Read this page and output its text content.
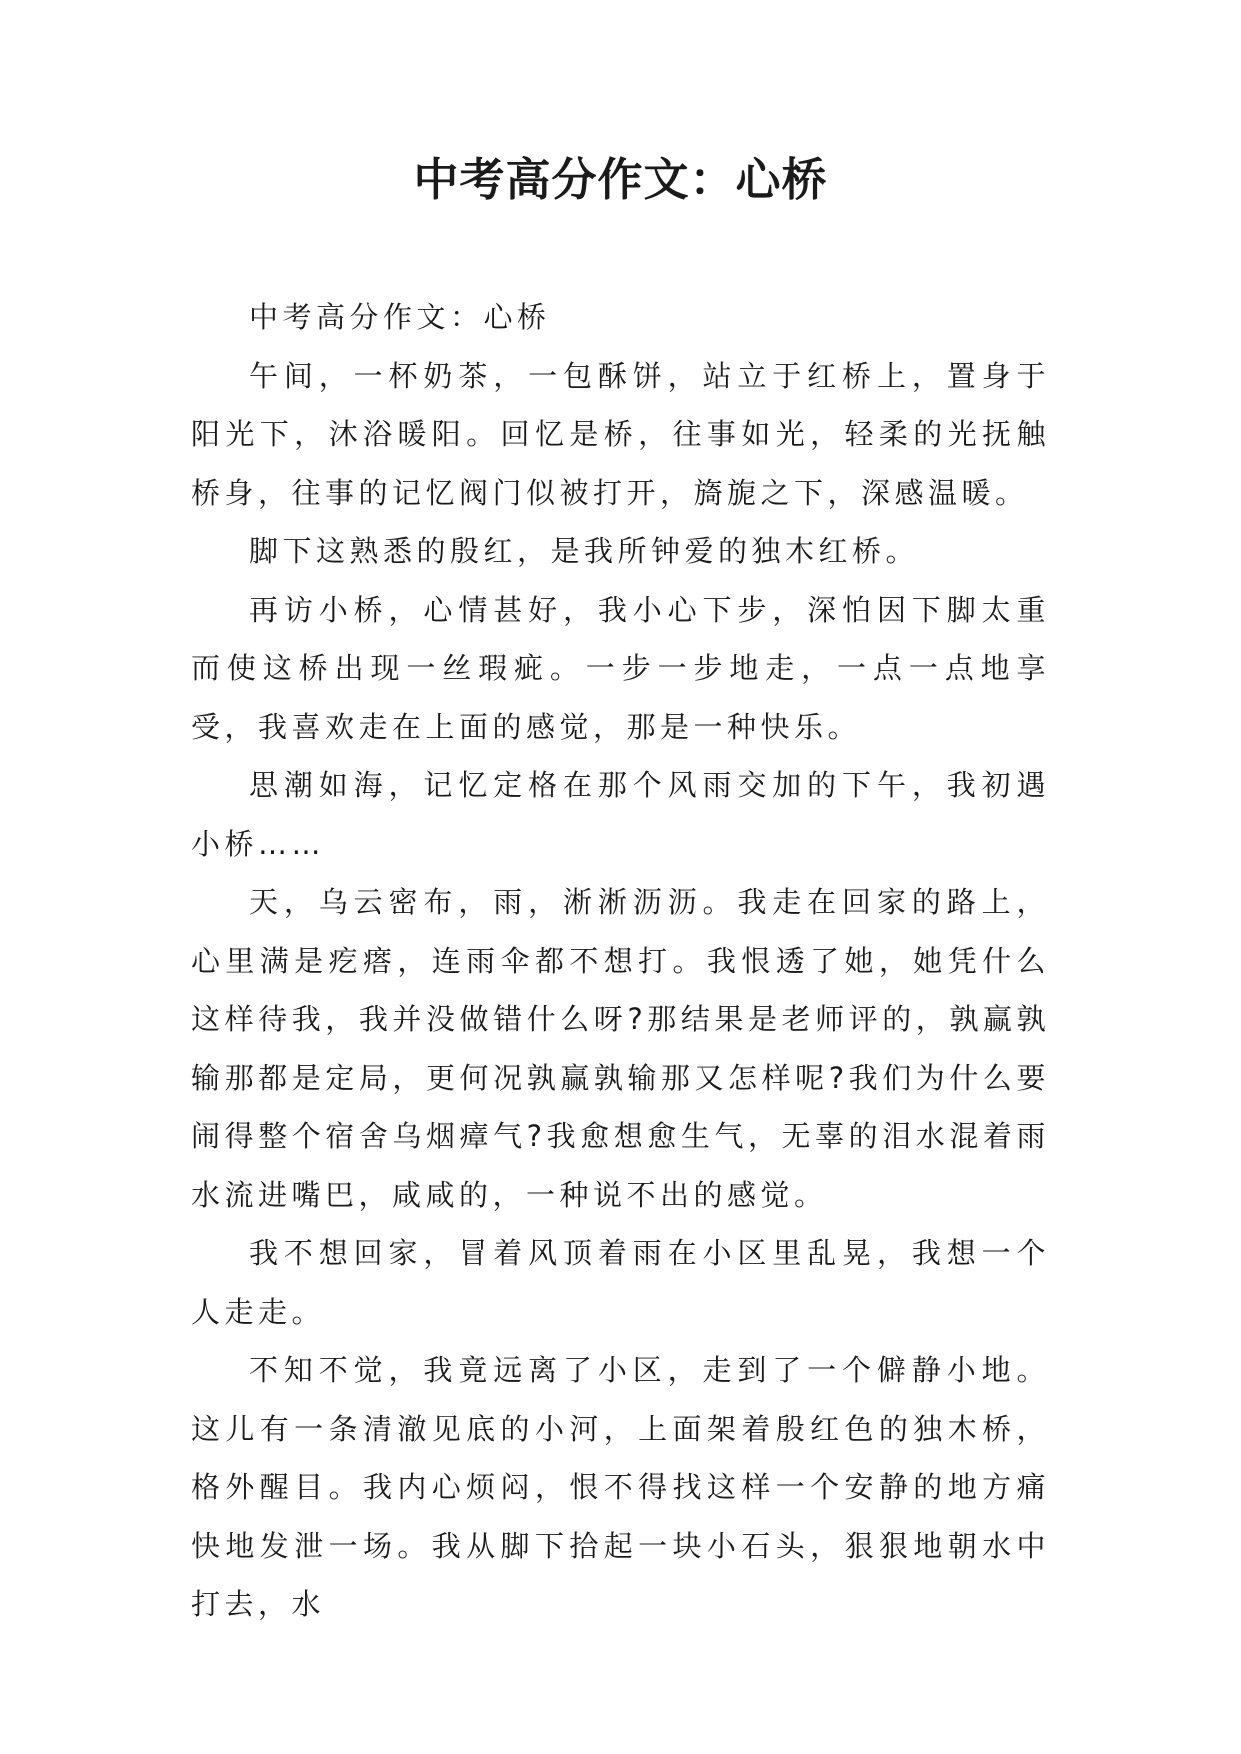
中考高分作文：心桥

中考高分作文：心桥

午间，一杯奶茶，一包酥饼，站立于红桥上，置身于阳光下，沐浴暖阳。回忆是桥，往事如光，轻柔的光抚触桥身，往事的记忆阀门似被打开，旖旎之下，深感温暖。

脚下这熟悉的殷红，是我所钟爱的独木红桥。

再访小桥，心情甚好，我小心下步，深怕因下脚太重而使这桥出现一丝瑕疵。一步一步地走，一点一点地享受，我喜欢走在上面的感觉，那是一种快乐。

思潮如海，记忆定格在那个风雨交加的下午，我初遇小桥……

天，乌云密布，雨，淅淅沥沥。我走在回家的路上，心里满是疙瘩，连雨伞都不想打。我恨透了她，她凭什么这样待我，我并没做错什么呀?那结果是老师评的，孰赢孰输那都是定局，更何况孰赢孰输那又怎样呢?我们为什么要闹得整个宿舍乌烟瘴气?我愈想愈生气，无辜的泪水混着雨水流进嘴巴，咸咸的，一种说不出的感觉。

我不想回家，冒着风顶着雨在小区里乱晃，我想一个人走走。

不知不觉，我竟远离了小区，走到了一个僻静小地。这儿有一条清澈见底的小河，上面架着殷红色的独木桥，格外醒目。我内心烦闷，恨不得找这样一个安静的地方痛快地发泄一场。我从脚下拾起一块小石头，狠狠地朝水中打去，水
